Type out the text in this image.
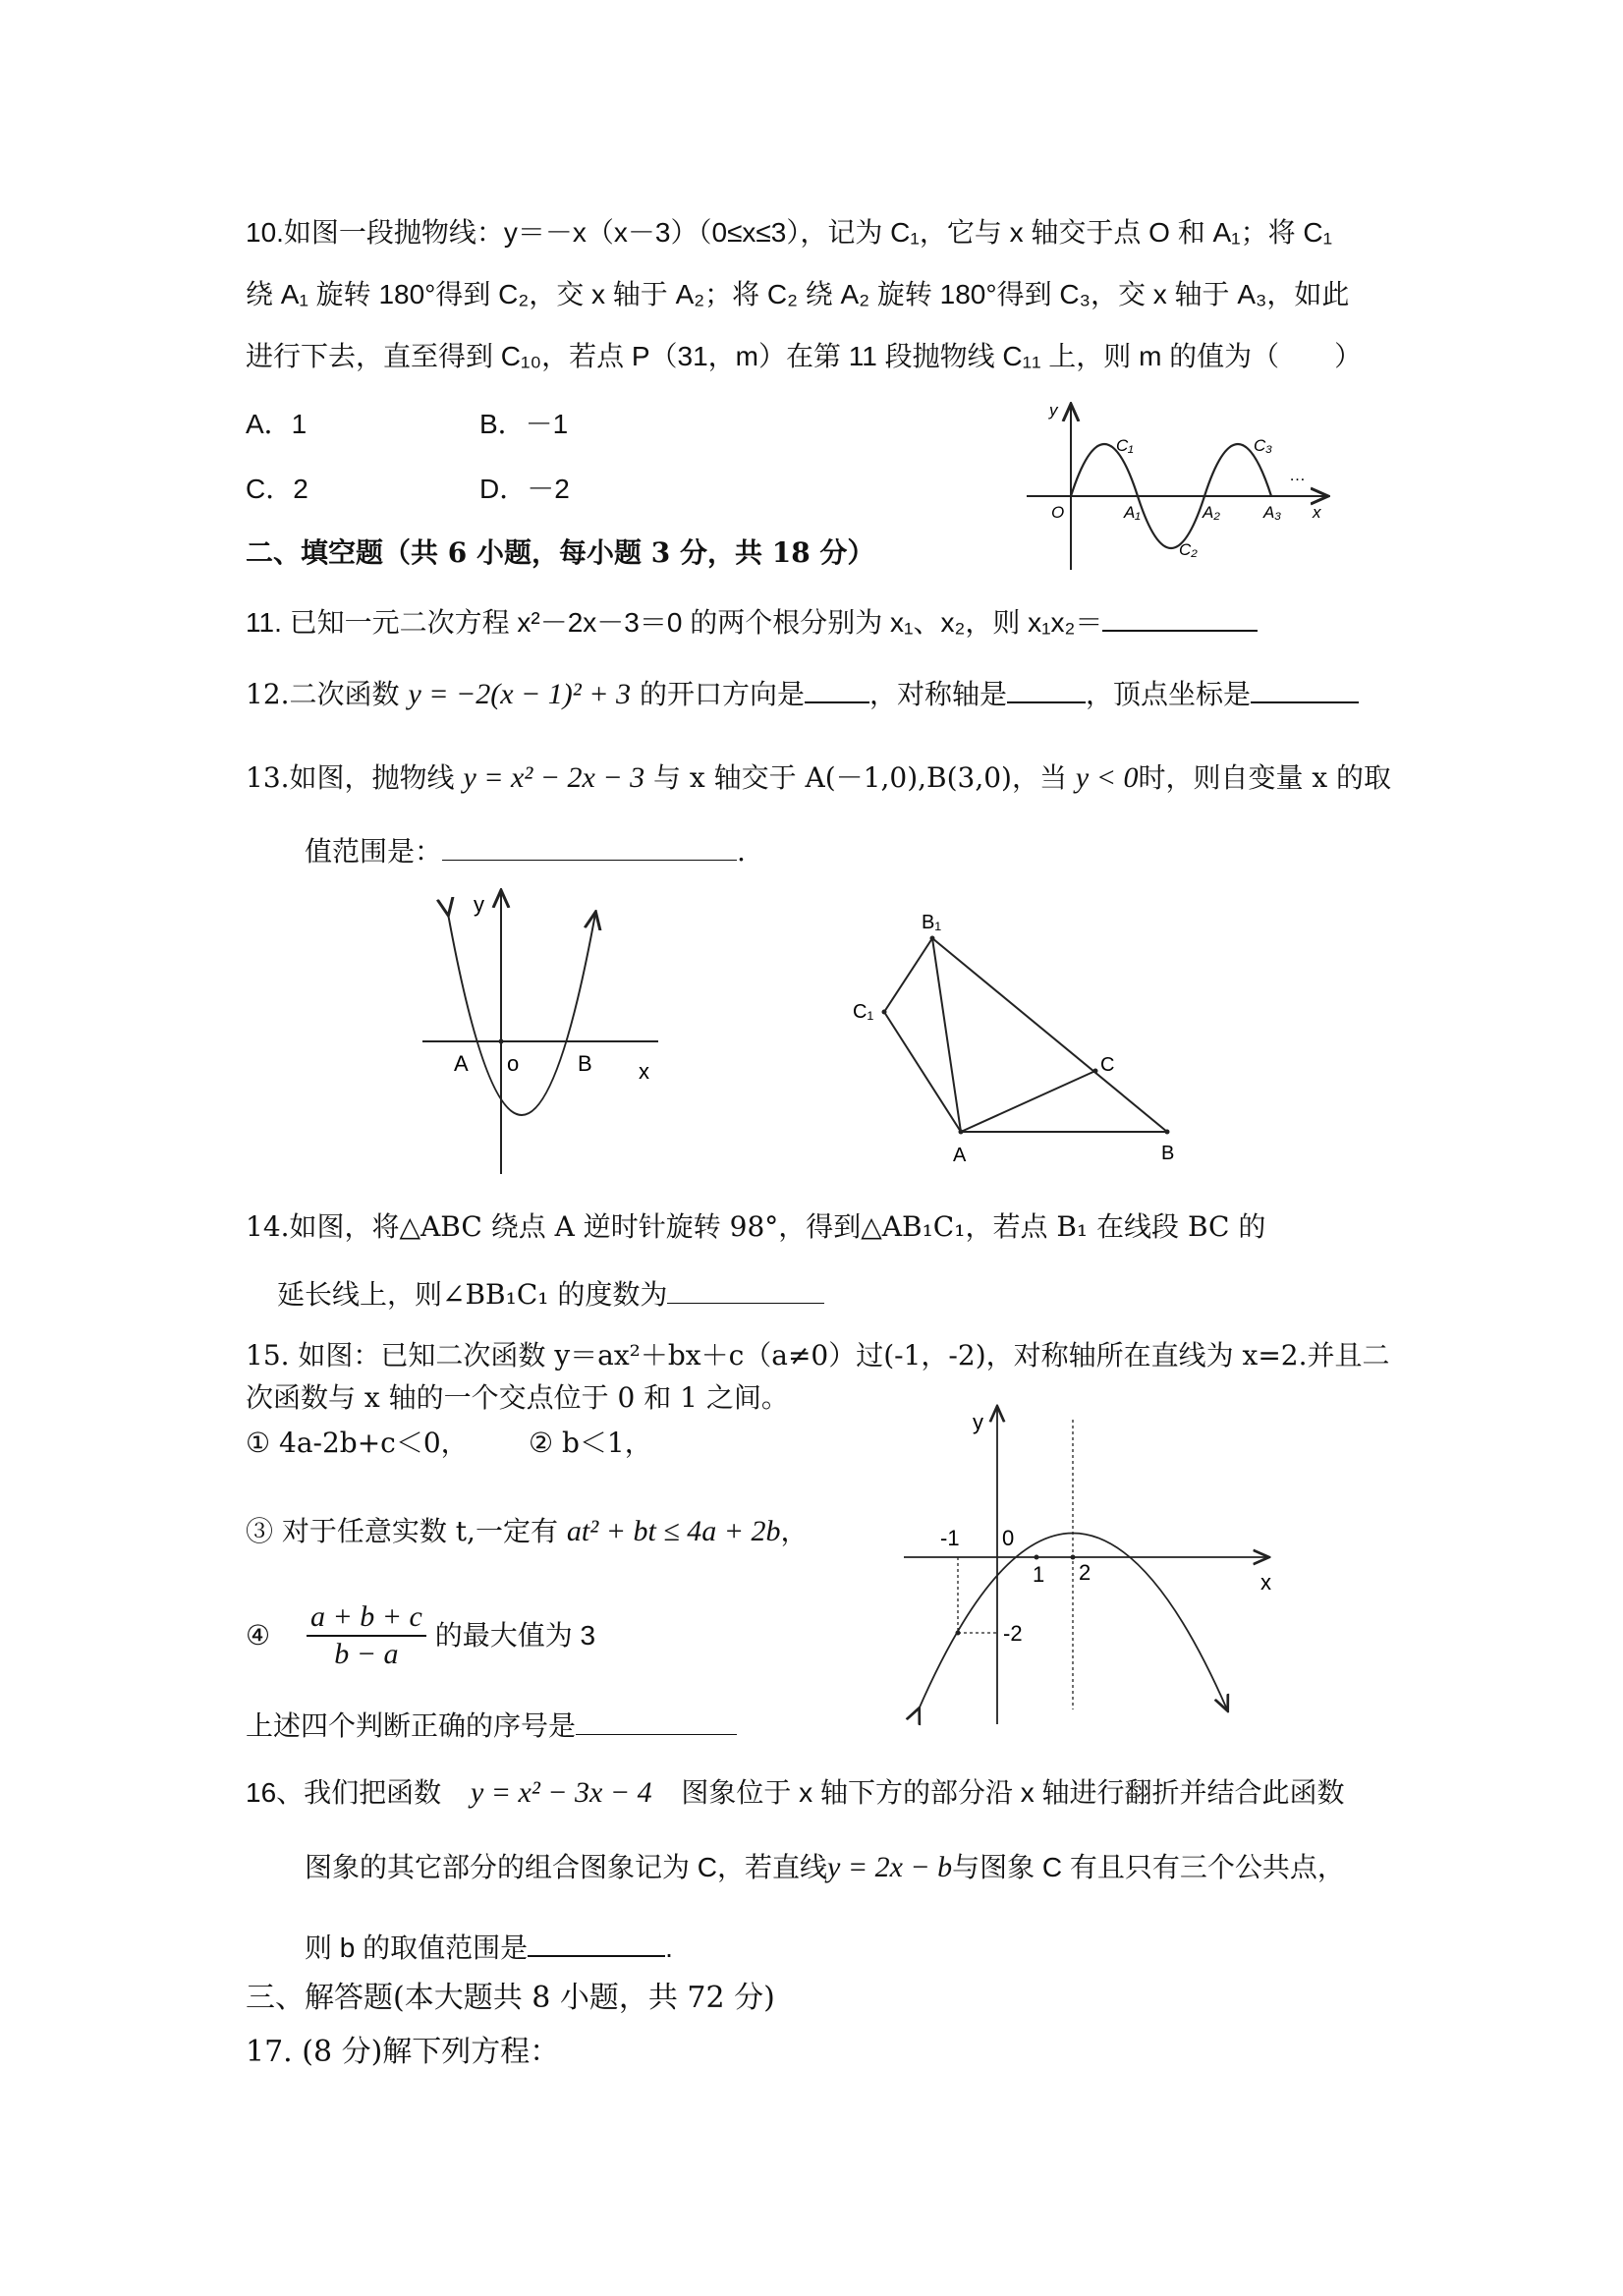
10.如图一段抛物线：y＝－x（x－3）（0≤x≤3），记为 C₁，它与 x 轴交于点 O 和 A₁；将 C₁
绕 A₁ 旋转 180°得到 C₂，交 x 轴于 A₂；将 C₂ 绕 A₂ 旋转 180°得到 C₃，交 x 轴于 A₃，如此
进行下去，直至得到 C₁₀，若点 P（31，m）在第 11 段抛物线 C₁₁ 上，则 m 的值为（　　）
A．1	B．－1
C．2	D．－2
y
C₁	C₃
…
O	A₁	A₂	A₃ x
C₂
二、填空题（共 6 小题，每小题 3 分，共 18 分）
11. 已知一元二次方程 x²－2x－3＝0 的两个根分别为 x₁、x₂，则 x₁x₂＝
12.二次函数 y = −2(x − 1)² + 3 的开口方向是 ，对称轴是	，顶点坐标是
13.如图，抛物线 y = x² − 2x − 3 与 x 轴交于 A(－1,0),B(3,0)，当 y < 0时，则自变量 x 的取
值范围是：	.
y
A o	B x
B₁
C₁
C
A	B
14.如图，将△ABC 绕点 A 逆时针旋转 98°，得到△AB₁C₁，若点 B₁ 在线段 BC 的
延长线上，则∠BB₁C₁ 的度数为
15. 如图：已知二次函数 y＝ax²＋bx＋c（a≠0）过(-1，-2)，对称轴所在直线为 x=2.并且二
次函数与 x 轴的一个交点位于 0 和 1 之间。
① 4a-2b+c＜0， ② b＜1，
③ 对于任意实数 t,一定有 at² + bt ≤ 4a + 2b，
④ $\frac{a + b + c}{b - a}$ 的最大值为 3
上述四个判断正确的序号是
y
-1 0
1 2	x
-2
16、我们把函数 y = x² − 3x − 4 图象位于 x 轴下方的部分沿 x 轴进行翻折并结合此函数
图象的其它部分的组合图象记为 C，若直线y = 2x − b与图象 C 有且只有三个公共点，
则 b 的取值范围是	.
三、解答题(本大题共 8 小题，共 72 分)
17. (8 分)解下列方程：
